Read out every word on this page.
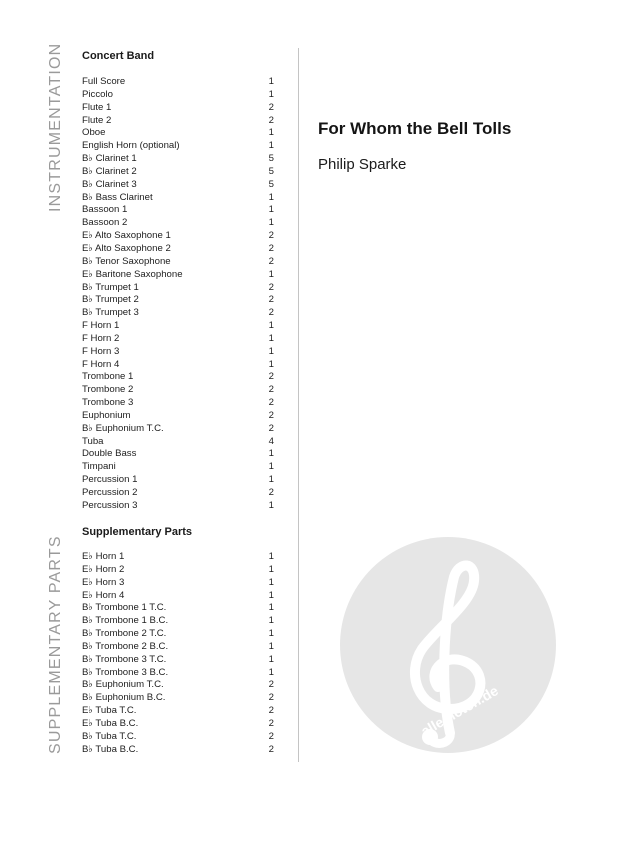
INSTRUMENTATION
SUPPLEMENTARY PARTS
Concert Band
Full Score	1
Piccolo	1
Flute 1	2
Flute 2	2
Oboe	1
English Horn (optional)	1
B♭ Clarinet 1	5
B♭ Clarinet 2	5
B♭ Clarinet 3	5
B♭ Bass Clarinet	1
Bassoon 1	1
Bassoon 2	1
E♭ Alto Saxophone 1	2
E♭ Alto Saxophone 2	2
B♭ Tenor Saxophone	2
E♭ Baritone Saxophone	1
B♭ Trumpet 1	2
B♭ Trumpet 2	2
B♭ Trumpet 3	2
F Horn 1	1
F Horn 2	1
F Horn 3	1
F Horn 4	1
Trombone 1	2
Trombone 2	2
Trombone 3	2
Euphonium	2
B♭ Euphonium T.C.	2
Tuba	4
Double Bass	1
Timpani	1
Percussion 1	1
Percussion 2	2
Percussion 3	1
Supplementary Parts
E♭ Horn 1	1
E♭ Horn 2	1
E♭ Horn 3	1
E♭ Horn 4	1
B♭ Trombone 1 T.C.	1
B♭ Trombone 1 B.C.	1
B♭ Trombone 2 T.C.	1
B♭ Trombone 2 B.C.	1
B♭ Trombone 3 T.C.	1
B♭ Trombone 3 B.C.	1
B♭ Euphonium T.C.	2
B♭ Euphonium B.C.	2
E♭ Tuba T.C.	2
E♭ Tuba B.C.	2
B♭ Tuba T.C.	2
B♭ Tuba B.C.	2
For Whom the Bell Tolls
Philip Sparke
alle-noten.de
